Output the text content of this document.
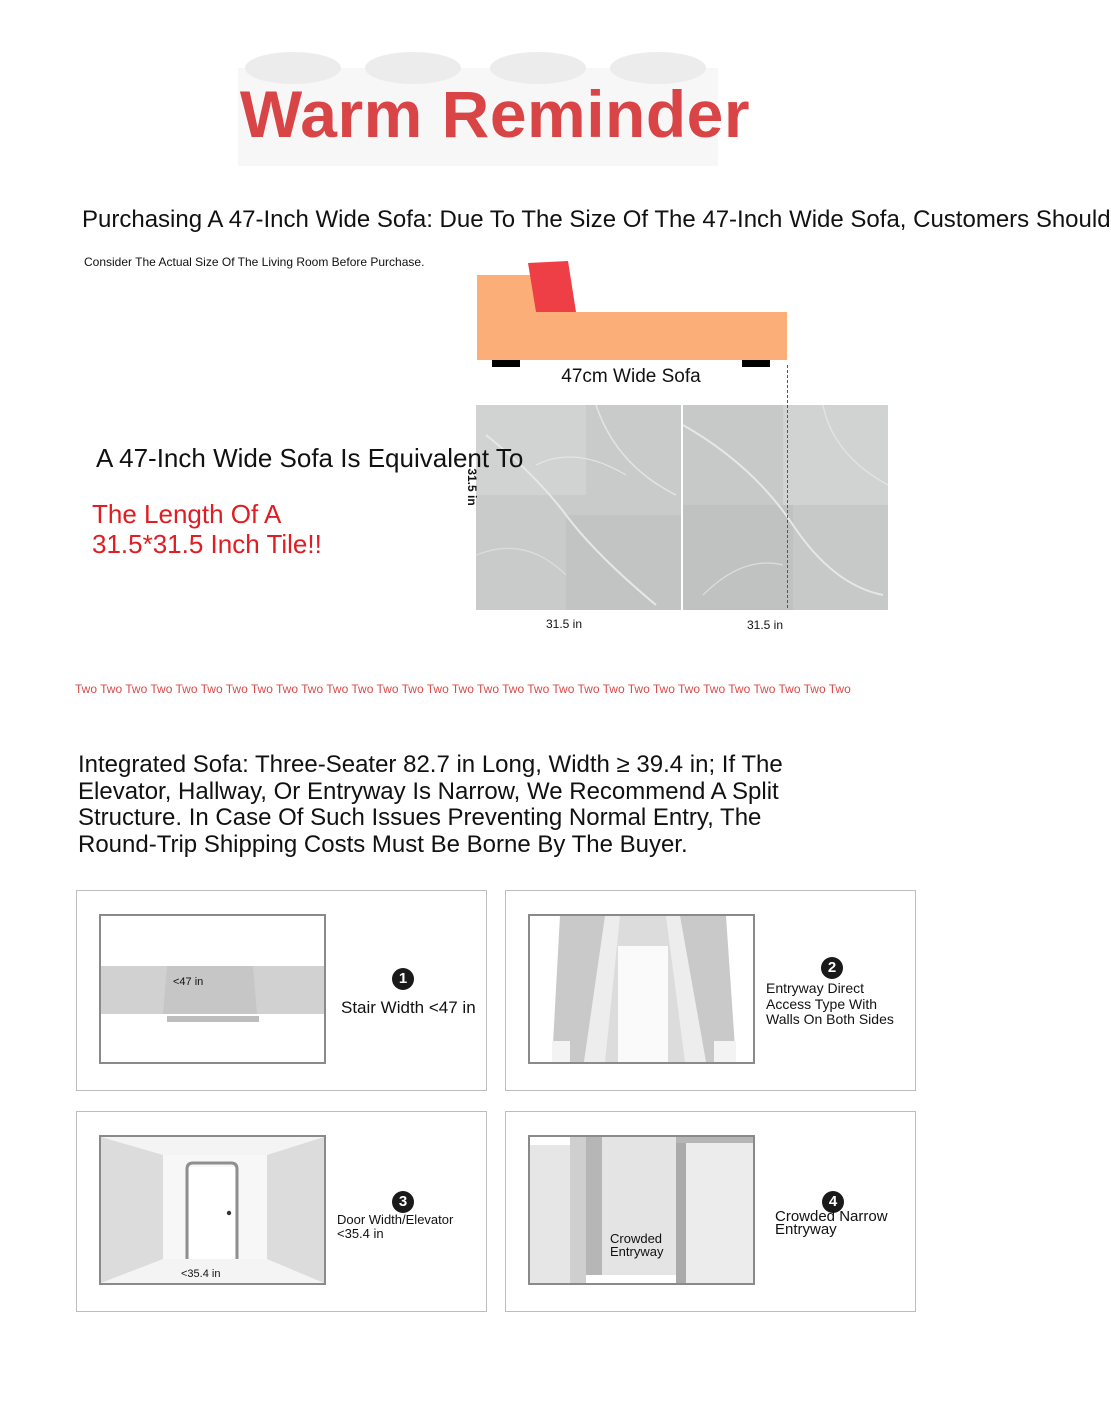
Warm Reminder
Purchasing A 47-Inch Wide Sofa: Due To The Size Of The 47-Inch Wide Sofa, Customers Should
Consider The Actual Size Of The Living Room Before Purchase.
47cm Wide Sofa
31.5 in
31.5 in	31.5 in
A 47-Inch Wide Sofa Is Equivalent To
The Length Of A
31.5*31.5 Inch Tile!!
Two Two Two Two Two Two Two Two Two Two Two Two Two Two Two Two Two Two Two Two Two Two Two Two Two Two Two Two Two Two Two
Integrated Sofa: Three-Seater 82.7 in Long, Width ≥ 39.4 in; If The Elevator, Hallway, Or Entryway Is Narrow, We Recommend A Split Structure. In Case Of Such Issues Preventing Normal Entry, The Round-Trip Shipping Costs Must Be Borne By The Buyer.
<47 in	1
Stair Width <47 in
2
Entryway Direct Access Type With Walls On Both Sides
<35.4 in
3
Door Width/Elevator <35.4 in	Crowded Entryway
4
Crowded Narrow Entryway
